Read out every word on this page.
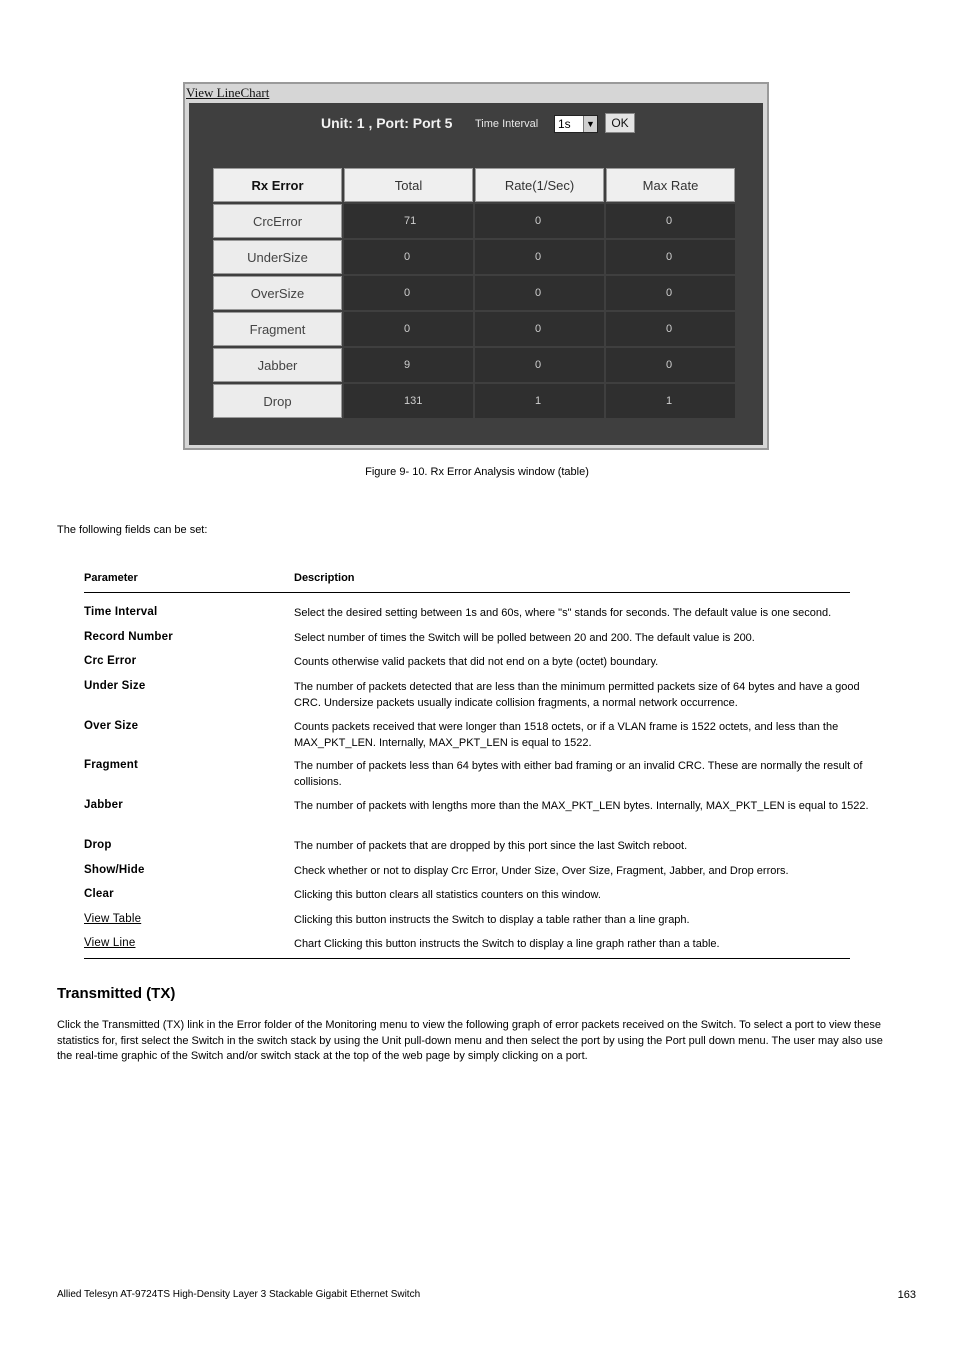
View LineChart
Unit: 1 , Port: Port 5 Time Interval	1s	▼	OK
Rx Error	Total	Rate(1/Sec)	Max Rate
CrcError	71	0	0
UnderSize	0	0	0
OverSize	0	0	0
Fragment	0	0	0
Jabber	9	0	0
Drop	131	1	1
Figure 9- 10. Rx Error Analysis window (table)
The following fields can be set:
Parameter	Description
Time Interval	Select the desired setting between 1s and 60s, where "s" stands for seconds. The default value is one second.
Record Number	Select number of times the Switch will be polled between 20 and 200. The default value is 200.
Crc Error	Counts otherwise valid packets that did not end on a byte (octet) boundary.
Under Size	The number of packets detected that are less than the minimum permitted packets size of 64 bytes and have a good CRC. Undersize packets usually indicate collision fragments, a normal network occurrence.
Over Size	Counts packets received that were longer than 1518 octets, or if a VLAN frame is 1522 octets, and less than the MAX_PKT_LEN. Internally, MAX_PKT_LEN is equal to 1522.
Fragment	The number of packets less than 64 bytes with either bad framing or an invalid CRC. These are normally the result of collisions.
Jabber	The number of packets with lengths more than the MAX_PKT_LEN bytes. Internally, MAX_PKT_LEN is equal to 1522.
Drop	The number of packets that are dropped by this port since the last Switch reboot.
Show/Hide	Check whether or not to display Crc Error, Under Size, Over Size, Fragment, Jabber, and Drop errors.
Clear	Clicking this button clears all statistics counters on this window.
View Table	Clicking this button instructs the Switch to display a table rather than a line graph.
View Line	Chart Clicking this button instructs the Switch to display a line graph rather than a table.
Transmitted (TX)
Click the Transmitted (TX) link in the Error folder of the Monitoring menu to view the following graph of error packets received on the Switch. To select a port to view these statistics for, first select the Switch in the switch stack by using the Unit pull-down menu and then select the port by using the Port pull down menu. The user may also use the real-time graphic of the Switch and/or switch stack at the top of the web page by simply clicking on a port.
Allied Telesyn AT-9724TS High-Density Layer 3 Stackable Gigabit Ethernet Switch	163
